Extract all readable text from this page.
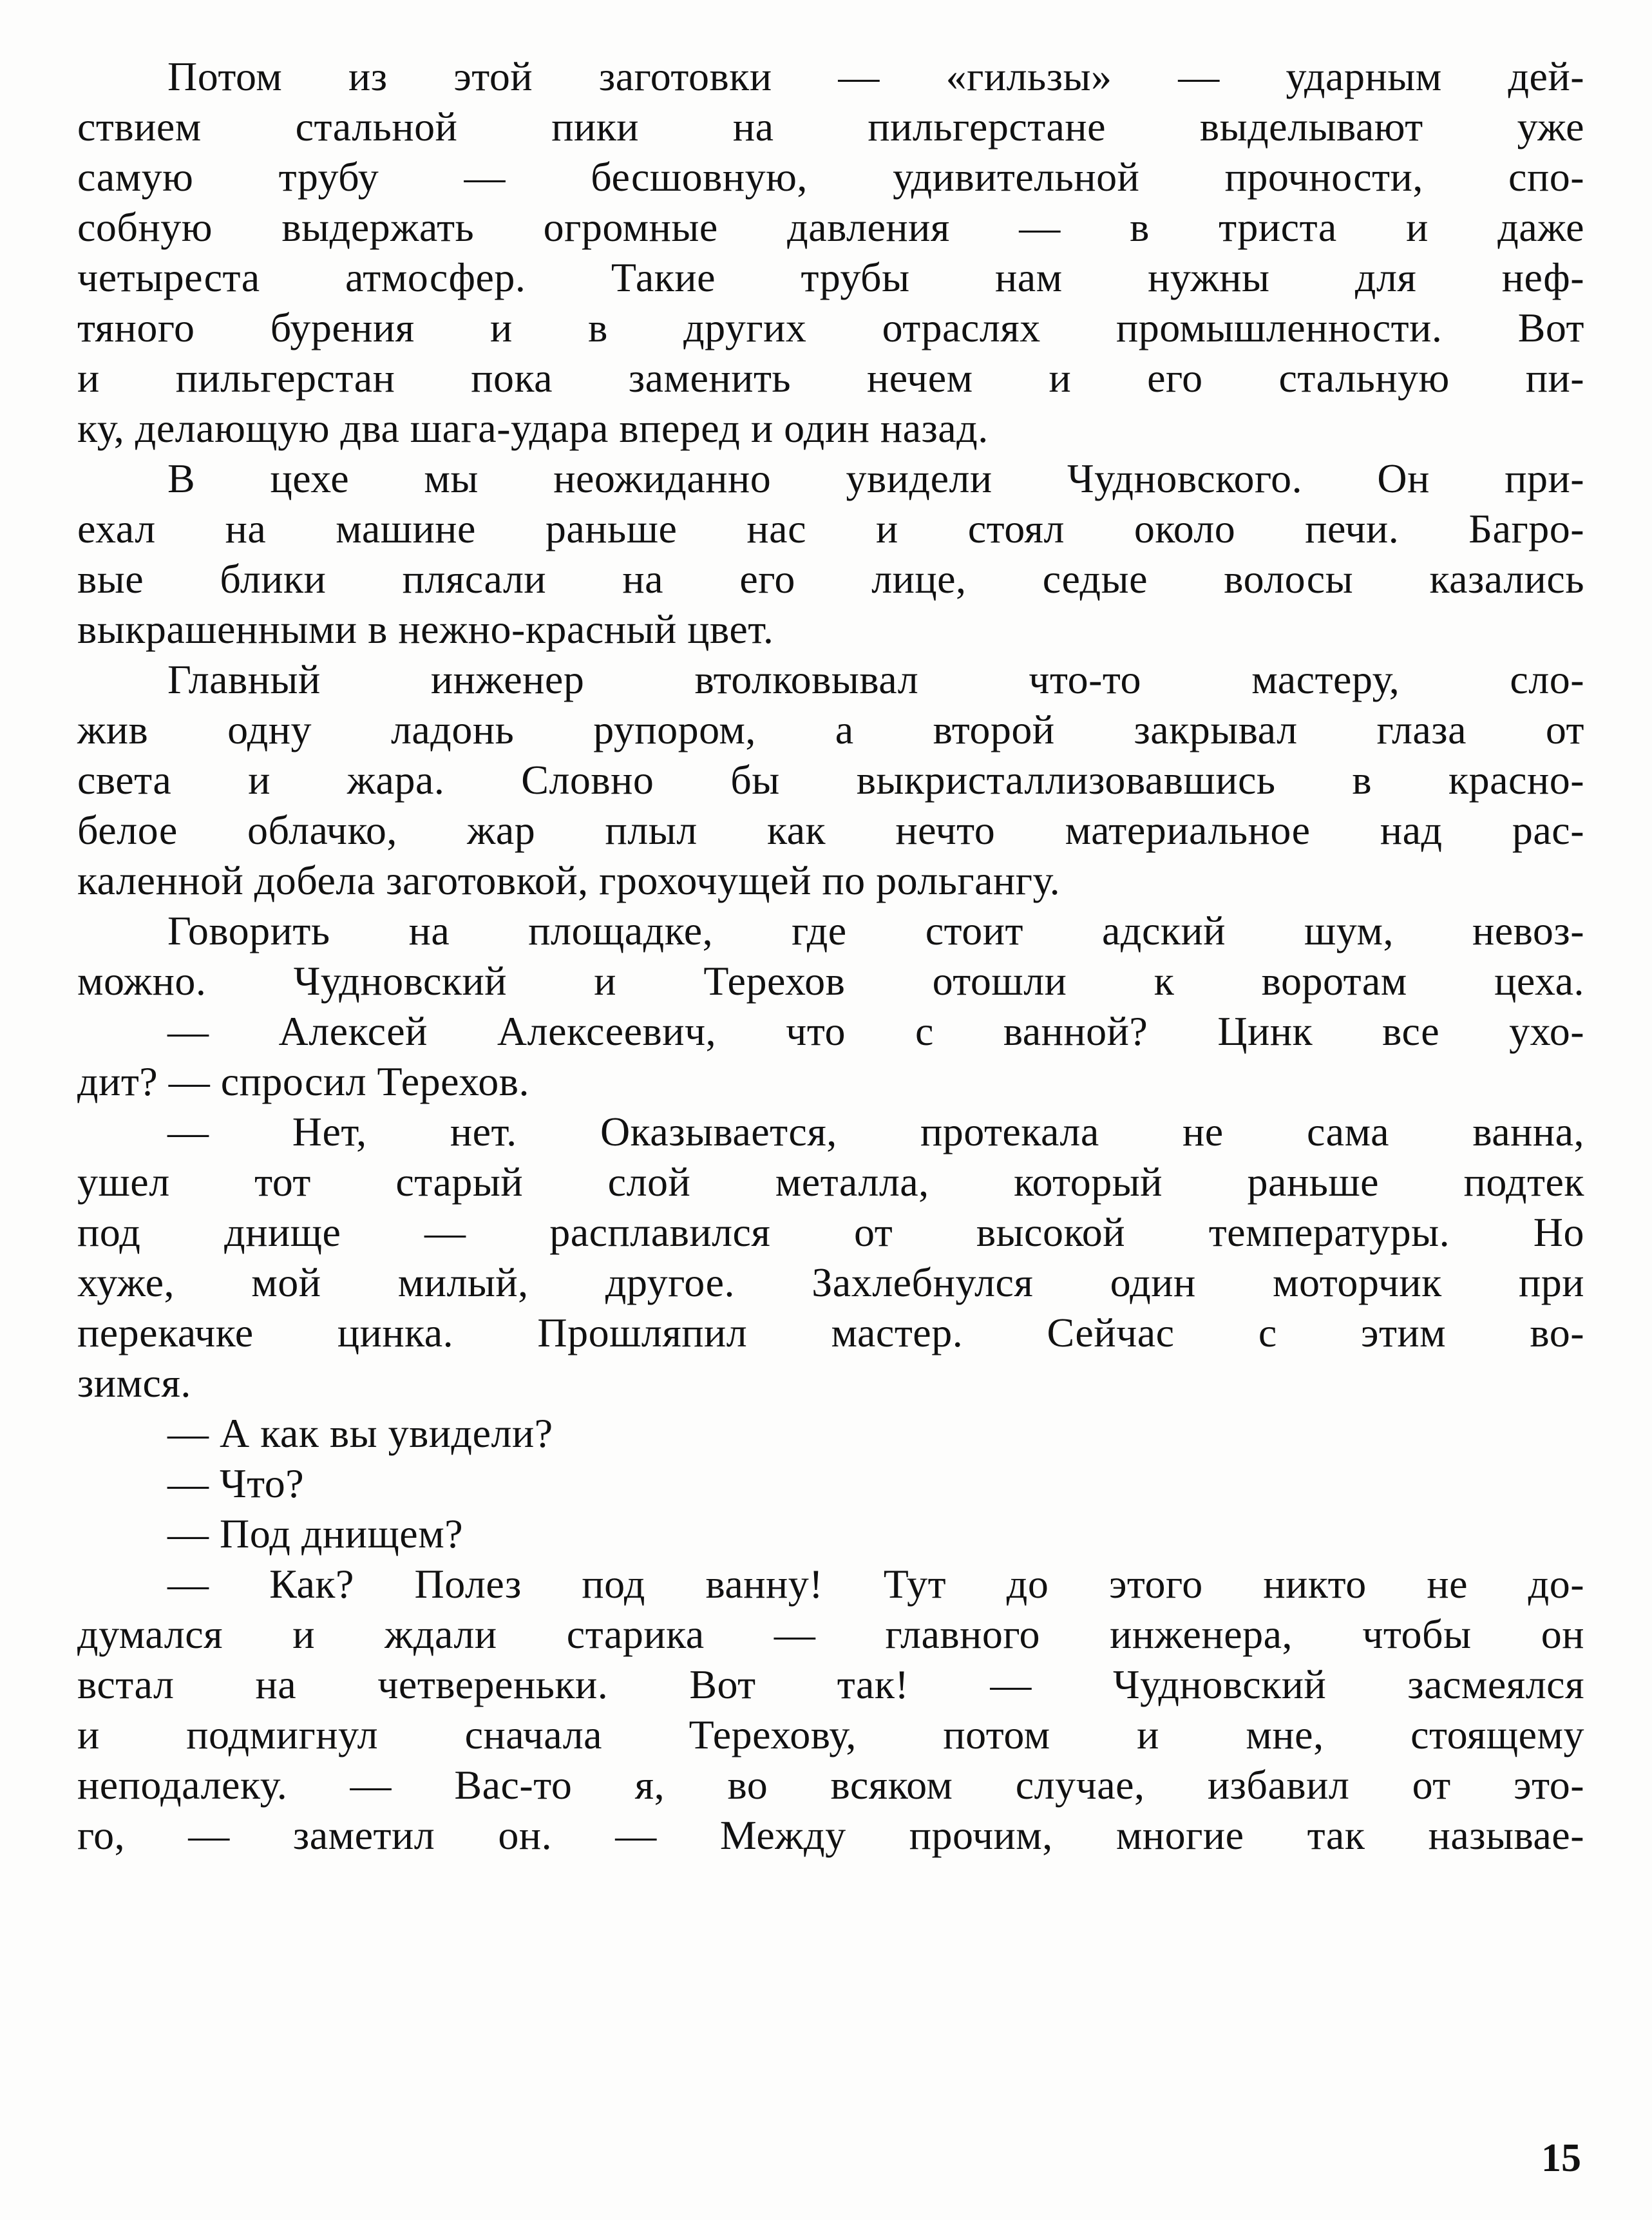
Потом из этой заготовки — «гильзы» — ударным дей-
ствием стальной пики на пильгерстане выделывают уже
самую трубу — бесшовную, удивительной прочности, спо-
собную выдержать огромные давления — в триста и даже
четыреста атмосфер. Такие трубы нам нужны для неф-
тяного бурения и в других отраслях промышленности. Вот
и пильгерстан пока заменить нечем и его стальную пи-
ку, делающую два шага-удара вперед и один назад.
В цехе мы неожиданно увидели Чудновского. Он при-
ехал на машине раньше нас и стоял около печи. Багро-
вые блики плясали на его лице, седые волосы казались
выкрашенными в нежно-красный цвет.
Главный инженер втолковывал что-то мастеру, сло-
жив одну ладонь рупором, а второй закрывал глаза от
света и жара. Словно бы выкристаллизовавшись в красно-
белое облачко, жар плыл как нечто материальное над рас-
каленной добела заготовкой, грохочущей по рольгангу.
Говорить на площадке, где стоит адский шум, невоз-
можно. Чудновский и Терехов отошли к воротам цеха.
— Алексей Алексеевич, что с ванной? Цинк все ухо-
дит? — спросил Терехов.
— Нет, нет. Оказывается, протекала не сама ванна,
ушел тот старый слой металла, который раньше подтек
под днище — расплавился от высокой температуры. Но
хуже, мой милый, другое. Захлебнулся один моторчик при
перекачке цинка. Прошляпил мастер. Сейчас с этим во-
зимся.
— А как вы увидели?
— Что?
— Под днищем?
— Как? Полез под ванну! Тут до этого никто не до-
думался и ждали старика — главного инженера, чтобы он
встал на четвереньки. Вот так! — Чудновский засмеялся
и подмигнул сначала Терехову, потом и мне, стоящему
неподалеку. — Вас-то я, во всяком случае, избавил от это-
го, — заметил он. — Между прочим, многие так называе-
15
